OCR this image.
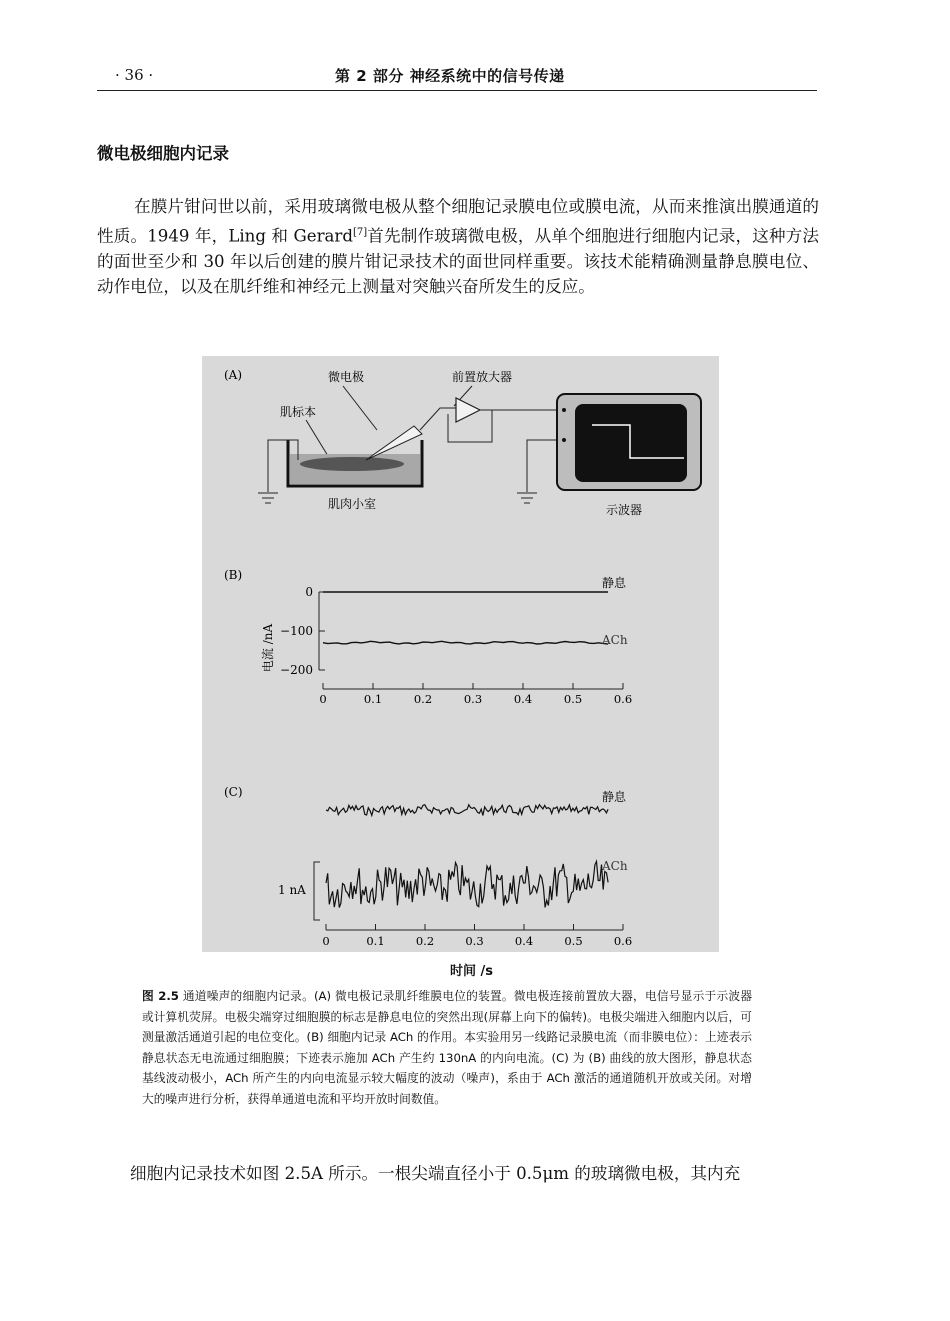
· 36 ·	第 2 部分 神经系统中的信号传递
微电极细胞内记录
在膜片钳问世以前，采用玻璃微电极从整个细胞记录膜电位或膜电流，从而来推演出膜通道的性质。1949 年，Ling 和 Gerard[7]首先制作玻璃微电极，从单个细胞进行细胞内记录，这种方法的面世至少和 30 年以后创建的膜片钳记录技术的面世同样重要。该技术能精确测量静息膜电位、动作电位，以及在肌纤维和神经元上测量对突触兴奋所发生的反应。
(A)	微电极	前置放大器
肌标本
肌肉小室	示波器
(B)
电流 /nA
0
−100
−200
0	0.1	0.2	0.3	0.4	0.5	0.6
静息
ACh
(C)	静息
ACh
1 nA
0	0.1	0.2	0.3	0.4	0.5	0.6
时间 /s
图 2.5 通道噪声的细胞内记录。(A) 微电极记录肌纤维膜电位的装置。微电极连接前置放大器，电信号显示于示波器或计算机荧屏。电极尖端穿过细胞膜的标志是静息电位的突然出现(屏幕上向下的偏转)。电极尖端进入细胞内以后，可测量激活通道引起的电位变化。(B) 细胞内记录 ACh 的作用。本实验用另一线路记录膜电流（而非膜电位）：上迹表示静息状态无电流通过细胞膜；下迹表示施加 ACh 产生约 130nA 的内向电流。(C) 为 (B) 曲线的放大图形，静息状态基线波动极小，ACh 所产生的内向电流显示较大幅度的波动（噪声)，系由于 ACh 激活的通道随机开放或关闭。对增大的噪声进行分析，获得单通道电流和平均开放时间数值。
细胞内记录技术如图 2.5A 所示。一根尖端直径小于 0.5μm 的玻璃微电极，其内充
